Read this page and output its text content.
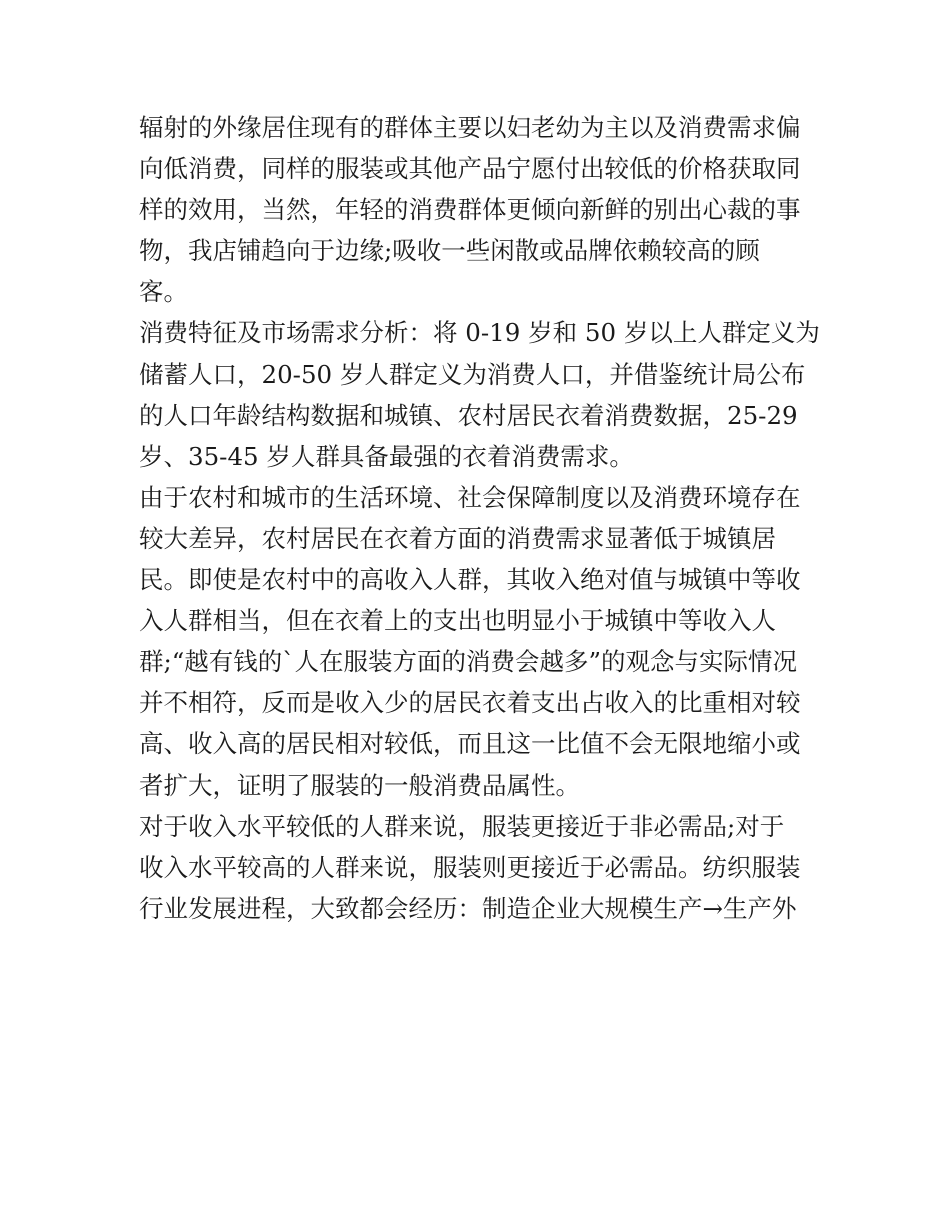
辐射的外缘居住现有的群体主要以妇老幼为主以及消费需求偏
向低消费，同样的服装或其他产品宁愿付出较低的价格获取同
样的效用，当然，年轻的消费群体更倾向新鲜的别出心裁的事
物，我店铺趋向于边缘;吸收一些闲散或品牌依赖较高的顾
客。
消费特征及市场需求分析：将 0-19 岁和 50 岁以上人群定义为
储蓄人口，20-50 岁人群定义为消费人口，并借鉴统计局公布
的人口年龄结构数据和城镇、农村居民衣着消费数据，25-29
岁、35-45 岁人群具备最强的衣着消费需求。
由于农村和城市的生活环境、社会保障制度以及消费环境存在
较大差异，农村居民在衣着方面的消费需求显著低于城镇居
民。即使是农村中的高收入人群，其收入绝对值与城镇中等收
入人群相当，但在衣着上的支出也明显小于城镇中等收入人
群;“越有钱的`人在服装方面的消费会越多”的观念与实际情况
并不相符，反而是收入少的居民衣着支出占收入的比重相对较
高、收入高的居民相对较低，而且这一比值不会无限地缩小或
者扩大，证明了服装的一般消费品属性。
对于收入水平较低的人群来说，服装更接近于非必需品;对于
收入水平较高的人群来说，服装则更接近于必需品。纺织服装
行业发展进程，大致都会经历：制造企业大规模生产→生产外
